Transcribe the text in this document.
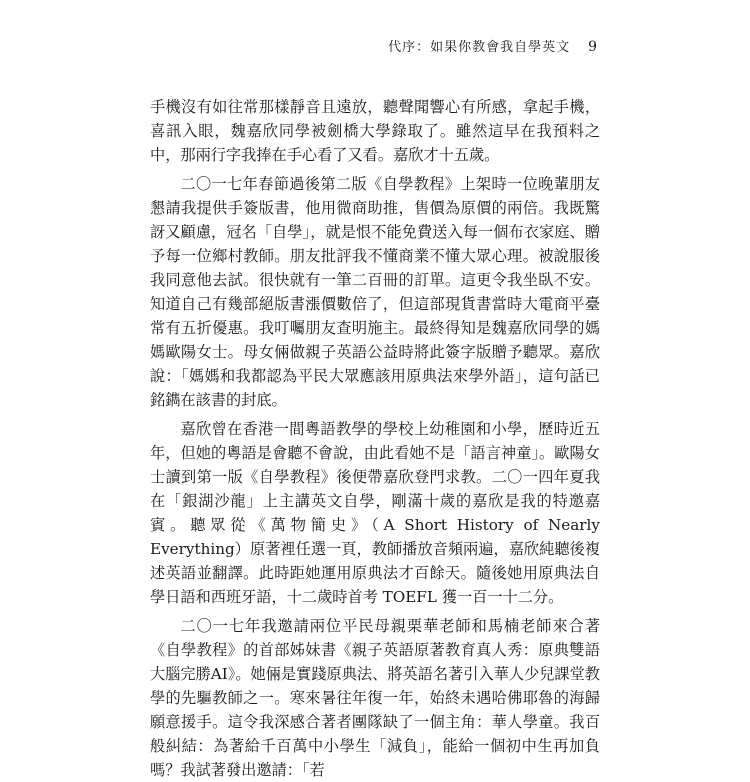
代序：如果你教會我自學英文 9

手機沒有如往常那樣靜音且遠放，聽聲聞響心有所感，拿起手機，喜訊入眼，魏嘉欣同學被劍橋大學錄取了。雖然這早在我預料之中，那兩行字我捧在手心看了又看。嘉欣才十五歲。

二〇一七年春節過後第二版《自學教程》上架時一位晚輩朋友懇請我提供手簽版書，他用微商助推，售價為原價的兩倍。我既驚訝又顧慮，冠名「自學」，就是恨不能免費送入每一個布衣家庭、贈予每一位鄉村教師。朋友批評我不懂商業不懂大眾心理。被說服後我同意他去試。很快就有一筆二百冊的訂單。這更令我坐臥不安。知道自己有幾部絕版書漲價數倍了，但這部現貨書當時大電商平臺常有五折優惠。我叮囑朋友查明施主。最終得知是魏嘉欣同學的媽媽歐陽女士。母女倆做親子英語公益時將此簽字版贈予聽眾。嘉欣說：「媽媽和我都認為平民大眾應該用原典法來學外語」，這句話已銘鐫在該書的封底。

嘉欣曾在香港一間粵語教學的學校上幼稚園和小學，歷時近五年，但她的粵語是會聽不會說，由此看她不是「語言神童」。歐陽女士讀到第一版《自學教程》後便帶嘉欣登門求教。二〇一四年夏我在「銀湖沙龍」上主講英文自學，剛滿十歲的嘉欣是我的特邀嘉賓。聽眾從《萬物簡史》（A Short History of Nearly Everything）原著裡任選一頁，教師播放音頻兩遍，嘉欣純聽後複述英語並翻譯。此時距她運用原典法才百餘天。隨後她用原典法自學日語和西班牙語，十二歲時首考 TOEFL 獲一百一十二分。

二〇一七年我邀請兩位平民母親栗華老師和馬楠老師來合著《自學教程》的首部姊妹書《親子英語原著教育真人秀：原典雙語大腦完勝AI》。她倆是實踐原典法、將英語名著引入華人少兒課堂教學的先驅教師之一。寒來暑往年復一年，始終未遇哈佛耶魯的海歸願意援手。這令我深感合著者團隊缺了一個主角：華人學童。我百般糾結：為著給千百萬中小學生「減負」，能給一個初中生再加負嗎？我試著發出邀請：「若
